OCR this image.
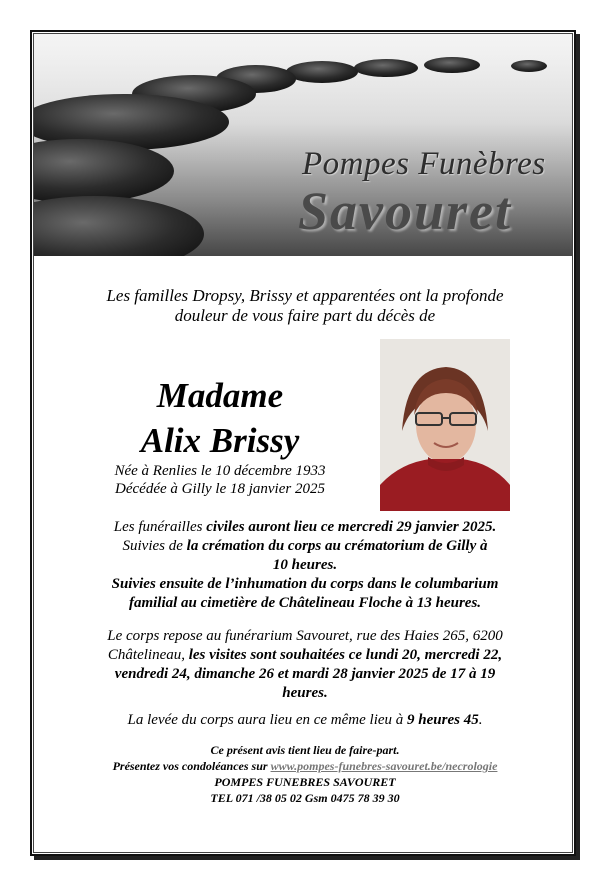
Pompes Funèbres
Savouret
Les familles Dropsy, Brissy et apparentées ont la profonde
douleur de vous faire part du décès de
Madame
Alix Brissy
Née à Renlies le 10 décembre 1933
Décédée à Gilly le 18 janvier 2025
Les funérailles civiles auront lieu ce mercredi 29 janvier 2025.
Suivies de la crémation du corps au crématorium de Gilly à
10 heures.
Suivies ensuite de l’inhumation du corps dans le columbarium
familial au cimetière de Châtelineau Floche à 13 heures.
Le corps repose au funérarium Savouret, rue des Haies 265, 6200
Châtelineau, les visites sont souhaitées ce lundi 20, mercredi 22,
vendredi 24, dimanche 26 et mardi 28 janvier 2025 de 17 à 19
heures.
La levée du corps aura lieu en ce même lieu à 9 heures 45.
Ce présent avis tient lieu de faire-part.
Présentez vos condoléances sur www.pompes-funebres-savouret.be/necrologie
POMPES FUNEBRES SAVOURET
TEL 071 /38 05 02 Gsm 0475 78 39 30
